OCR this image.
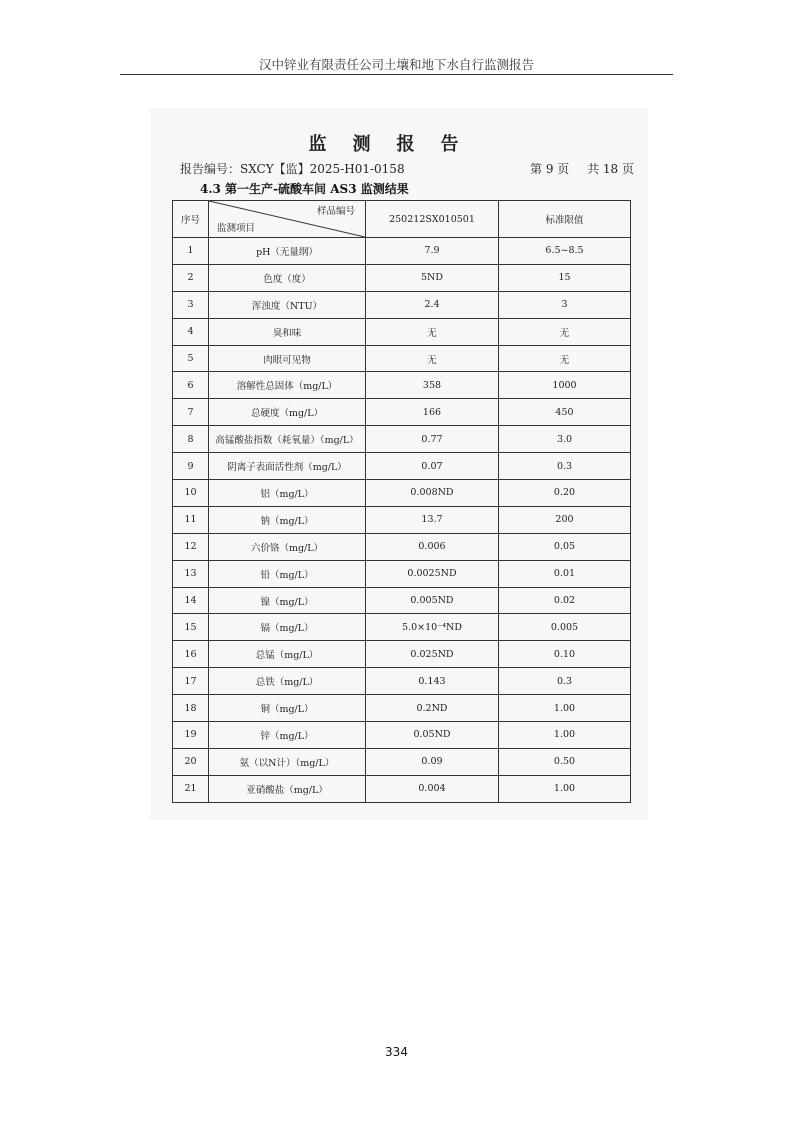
汉中锌业有限责任公司土壤和地下水自行监测报告
监测报告
报告编号：SXCY【监】2025-H01-0158	第 9 页 共 18 页
4.3 第一生产-硫酸车间 AS3 监测结果
序号	样品编号
监测项目	250212SX010501	标准限值
1	pH（无量纲）	7.9	6.5~8.5
2	色度（度）	5ND	15
3	浑浊度（NTU）	2.4	3
4	臭和味	无	无
5	肉眼可见物	无	无
6	溶解性总固体（mg/L）	358	1000
7	总硬度（mg/L）	166	450
8	高锰酸盐指数（耗氧量）（mg/L）	0.77	3.0
9	阴离子表面活性剂（mg/L）	0.07	0.3
10	铝（mg/L）	0.008ND	0.20
11	钠（mg/L）	13.7	200
12	六价铬（mg/L）	0.006	0.05
13	铅（mg/L）	0.0025ND	0.01
14	镍（mg/L）	0.005ND	0.02
15	镉（mg/L）	5.0×10⁻⁴ND	0.005
16	总锰（mg/L）	0.025ND	0.10
17	总铁（mg/L）	0.143	0.3
18	铜（mg/L）	0.2ND	1.00
19	锌（mg/L）	0.05ND	1.00
20	氨（以N计）（mg/L）	0.09	0.50
21	亚硝酸盐（mg/L）	0.004	1.00
334
